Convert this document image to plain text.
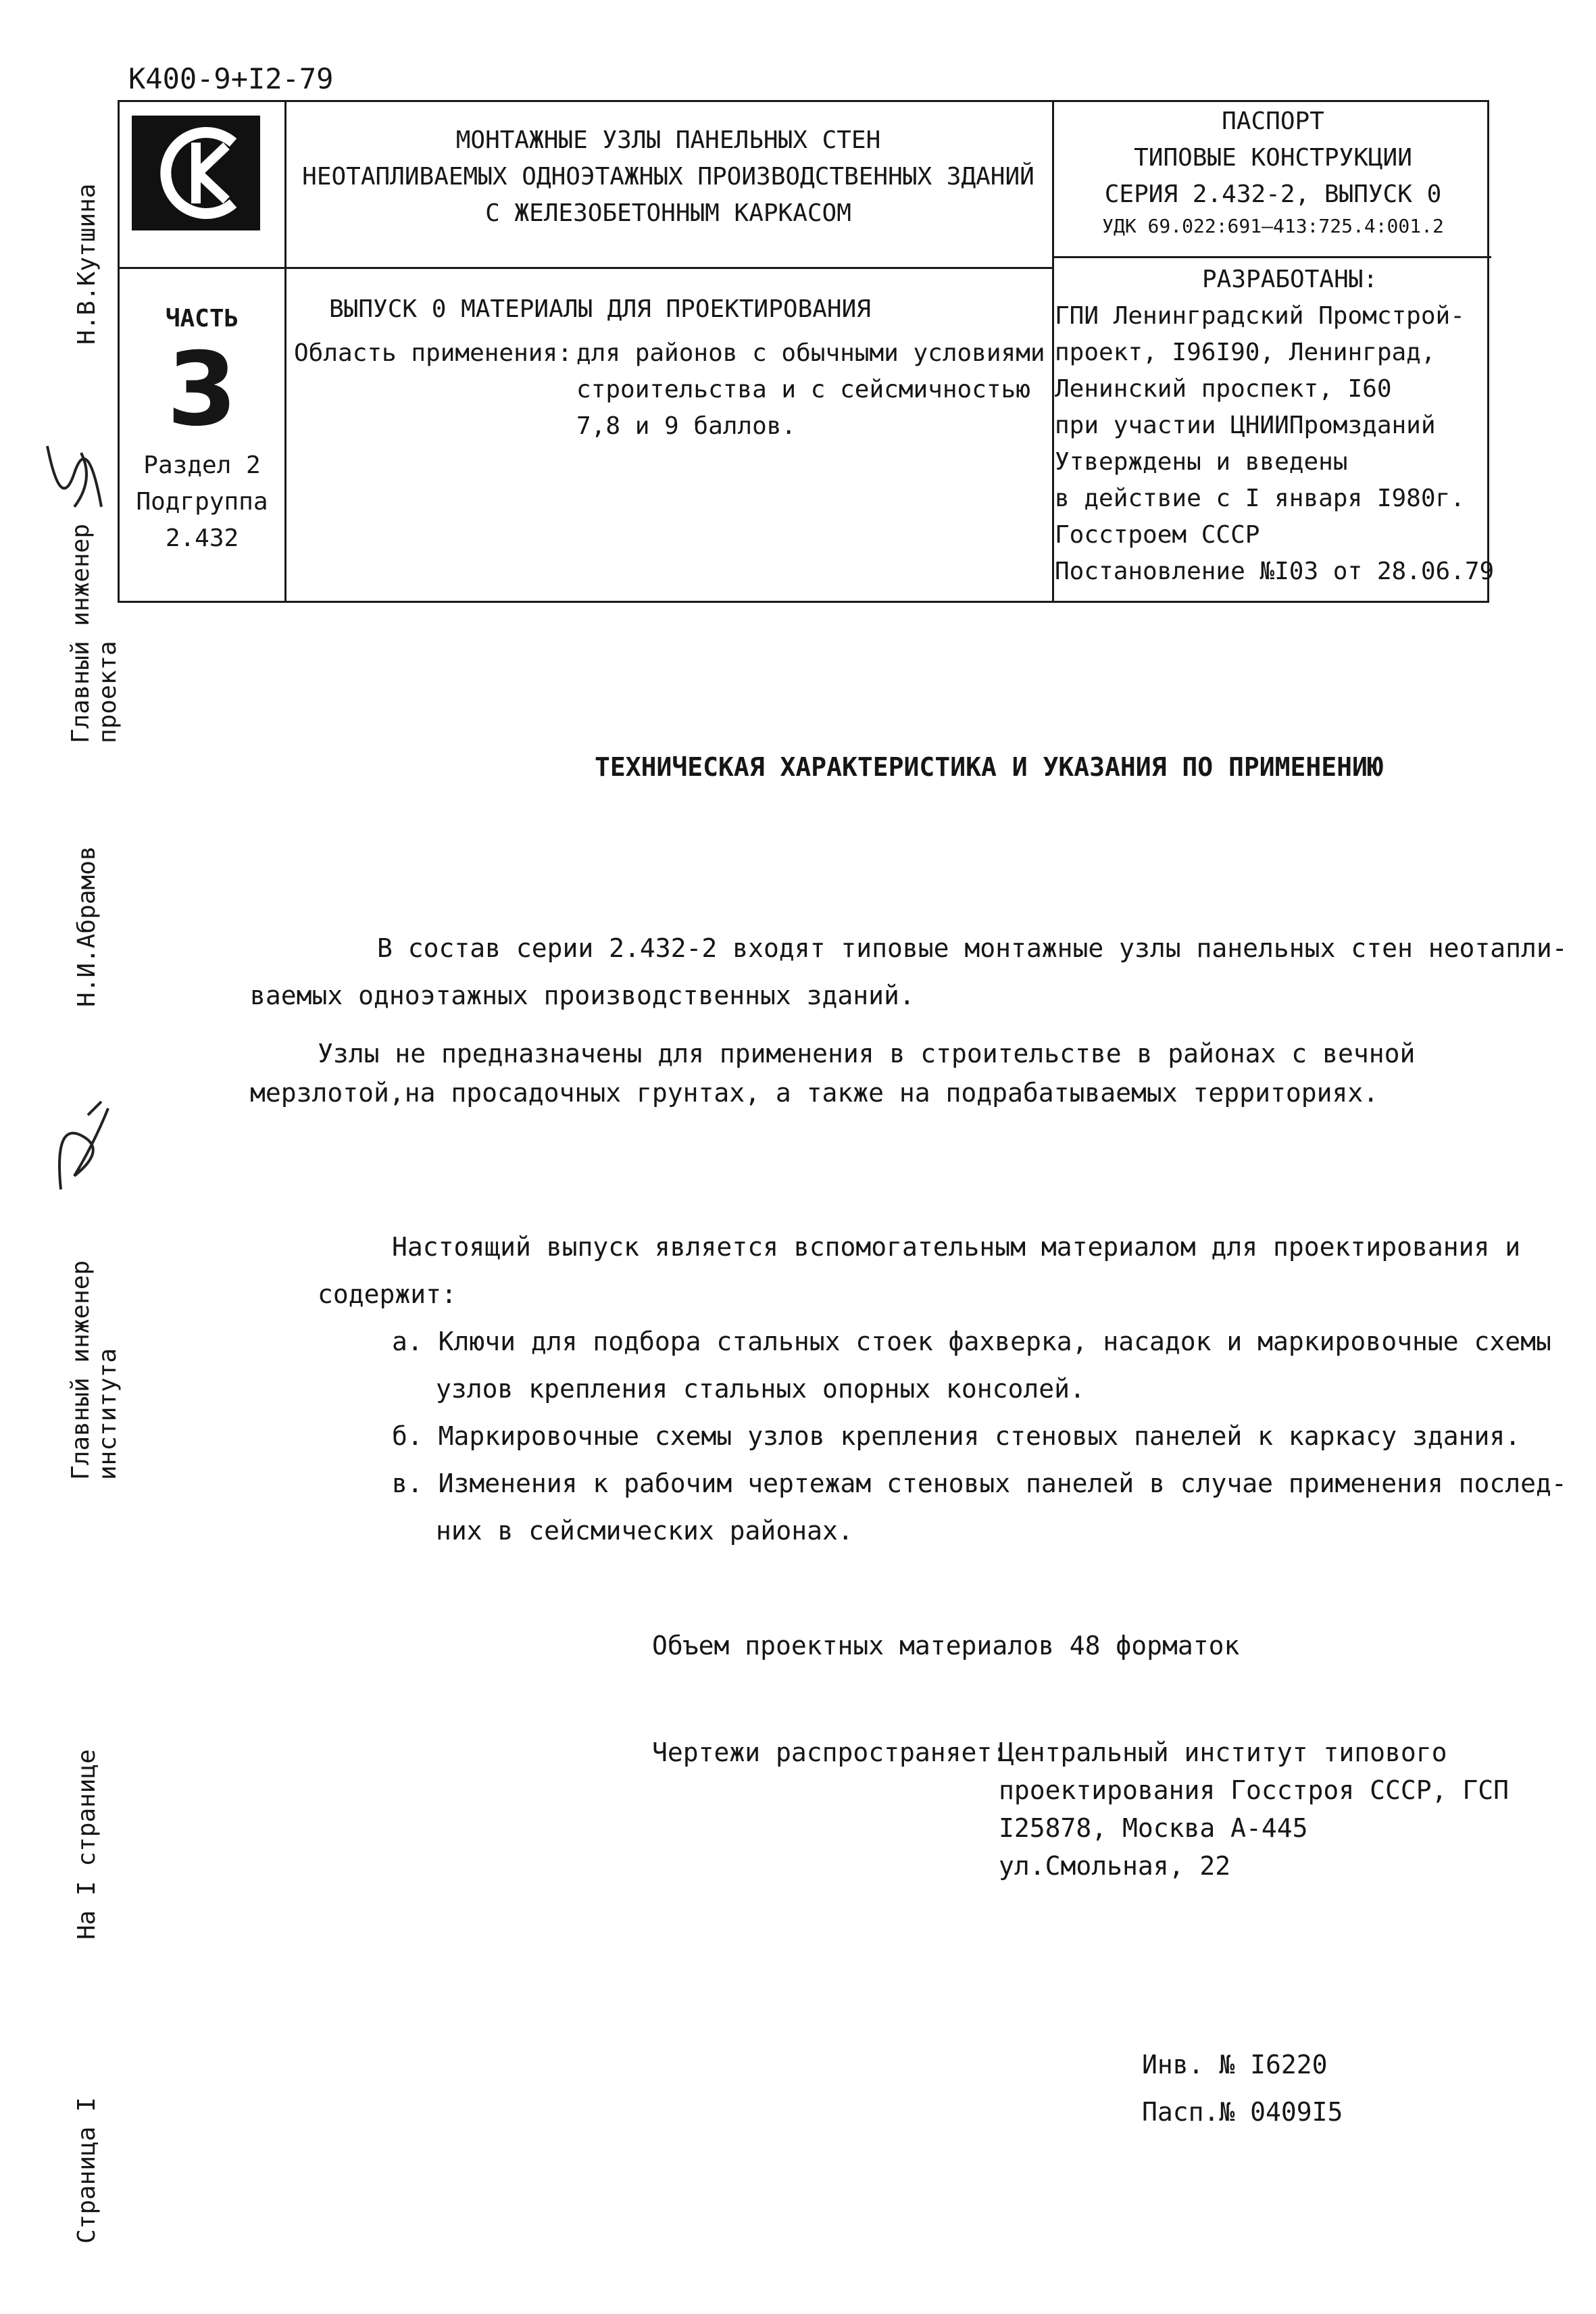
К400-9+I2-79
МОНТАЖНЫЕ УЗЛЫ ПАНЕЛЬНЫХ СТЕН
НЕОТАПЛИВАЕМЫХ ОДНОЭТАЖНЫХ ПРОИЗВОДСТВЕННЫХ ЗДАНИЙ
С ЖЕЛЕЗОБЕТОННЫМ КАРКАСОМ
ПАСПОРТ
ТИПОВЫЕ КОНСТРУКЦИИ
СЕРИЯ 2.432-2, ВЫПУСК 0
УДК 69.022:691—413:725.4:001.2
ЧАСТЬ
3
Раздел 2
Подгруппа
2.432
ВЫПУСК 0 МАТЕРИАЛЫ ДЛЯ ПРОЕКТИРОВАНИЯ
Область применения: для районов с обычными условиями
строительства и с сейсмичностью
7,8 и 9 баллов.
РАЗРАБОТАНЫ:
ГПИ Ленинградский Промстрой-
проект, I96I90, Ленинград,
Ленинский проспект, I60
при участии ЦНИИПромзданий
Утверждены и введены
в действие с I января I980г.
Госстроем СССР
Постановление №I03 от 28.06.79
Н.В.Кутшина
Главный инженер проекта
Н.И.Абрамов
Главный инженер института
На I странице
Страница I
ТЕХНИЧЕСКАЯ ХАРАКТЕРИСТИКА И УКАЗАНИЯ ПО ПРИМЕНЕНИЮ
В состав серии 2.432-2 входят типовые монтажные узлы панельных стен неотапли-
ваемых одноэтажных производственных зданий.
Узлы не предназначены для применения в строительстве в районах с вечной
мерзлотой,на просадочных грунтах, а также на подрабатываемых территориях.
Настоящий выпуск является вспомогательным материалом для проектирования и
содержит:
а. Ключи для подбора стальных стоек фахверка, насадок и маркировочные схемы
узлов крепления стальных опорных консолей.
б. Маркировочные схемы узлов крепления стеновых панелей к каркасу здания.
в. Изменения к рабочим чертежам стеновых панелей в случае применения послед-
них в сейсмических районах.
Объем проектных материалов 48 форматок
Чертежи распространяет:
Центральный институт типового
проектирования Госстроя СССР, ГСП
I25878, Москва А-445
ул.Смольная, 22
Инв. № I6220
Пасп.№ 0409I5
